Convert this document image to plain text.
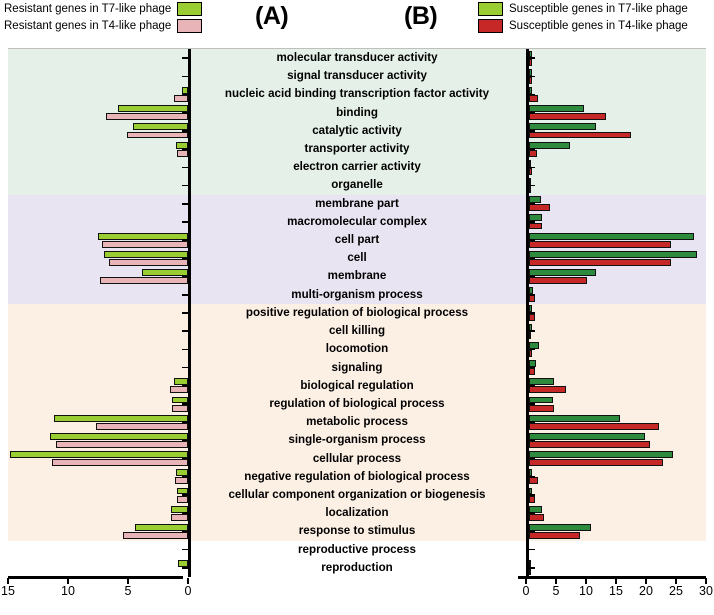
Resistant genes in T7-like phage
Resistant genes in T4-like phage
Susceptible genes in T7-like phage
Susceptible genes in T4-like phage
(A)	(B)
molecular transducer activity
signal transducer activity
nucleic acid binding transcription factor activity
binding
catalytic activity
transporter activity
electron carrier activity
organelle
membrane part
macromolecular complex
cell part
cell
membrane
multi-organism process
positive regulation of biological process
cell killing
locomotion
signaling
biological regulation
regulation of biological process
metabolic process
single-organism process
cellular process
negative regulation of biological process
cellular component organization or biogenesis
localization
response to stimulus
reproductive process
reproduction
15	10	5	0	0 5 10 15 20 25 30
